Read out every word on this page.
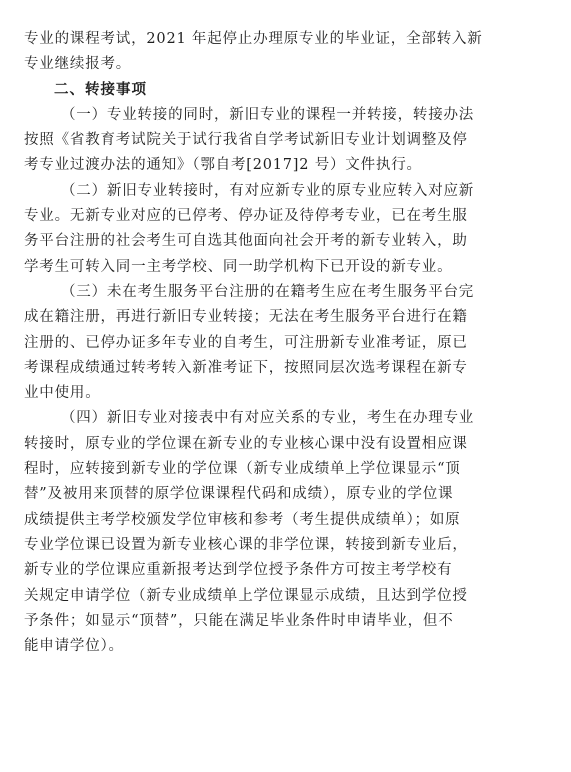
专业的课程考试，2021 年起停止办理原专业的毕业证，全部转入新
专业继续报考。
二、转接事项
（一）专业转接的同时，新旧专业的课程一并转接，转接办法
按照《省教育考试院关于试行我省自学考试新旧专业计划调整及停
考专业过渡办法的通知》（鄂自考[2017]2 号）文件执行。
（二）新旧专业转接时，有对应新专业的原专业应转入对应新
专业。无新专业对应的已停考、停办证及待停考专业，已在考生服
务平台注册的社会考生可自选其他面向社会开考的新专业转入，助
学考生可转入同一主考学校、同一助学机构下已开设的新专业。
（三）未在考生服务平台注册的在籍考生应在考生服务平台完
成在籍注册，再进行新旧专业转接；无法在考生服务平台进行在籍
注册的、已停办证多年专业的自考生，可注册新专业准考证，原已
考课程成绩通过转考转入新准考证下，按照同层次选考课程在新专
业中使用。
（四）新旧专业对接表中有对应关系的专业，考生在办理专业
转接时，原专业的学位课在新专业的专业核心课中没有设置相应课
程时，应转接到新专业的学位课（新专业成绩单上学位课显示“顶
替”及被用来顶替的原学位课课程代码和成绩），原专业的学位课
成绩提供主考学校颁发学位审核和参考（考生提供成绩单）；如原
专业学位课已设置为新专业核心课的非学位课，转接到新专业后，
新专业的学位课应重新报考达到学位授予条件方可按主考学校有
关规定申请学位（新专业成绩单上学位课显示成绩，且达到学位授
予条件；如显示“顶替”，只能在满足毕业条件时申请毕业，但不
能申请学位）。
